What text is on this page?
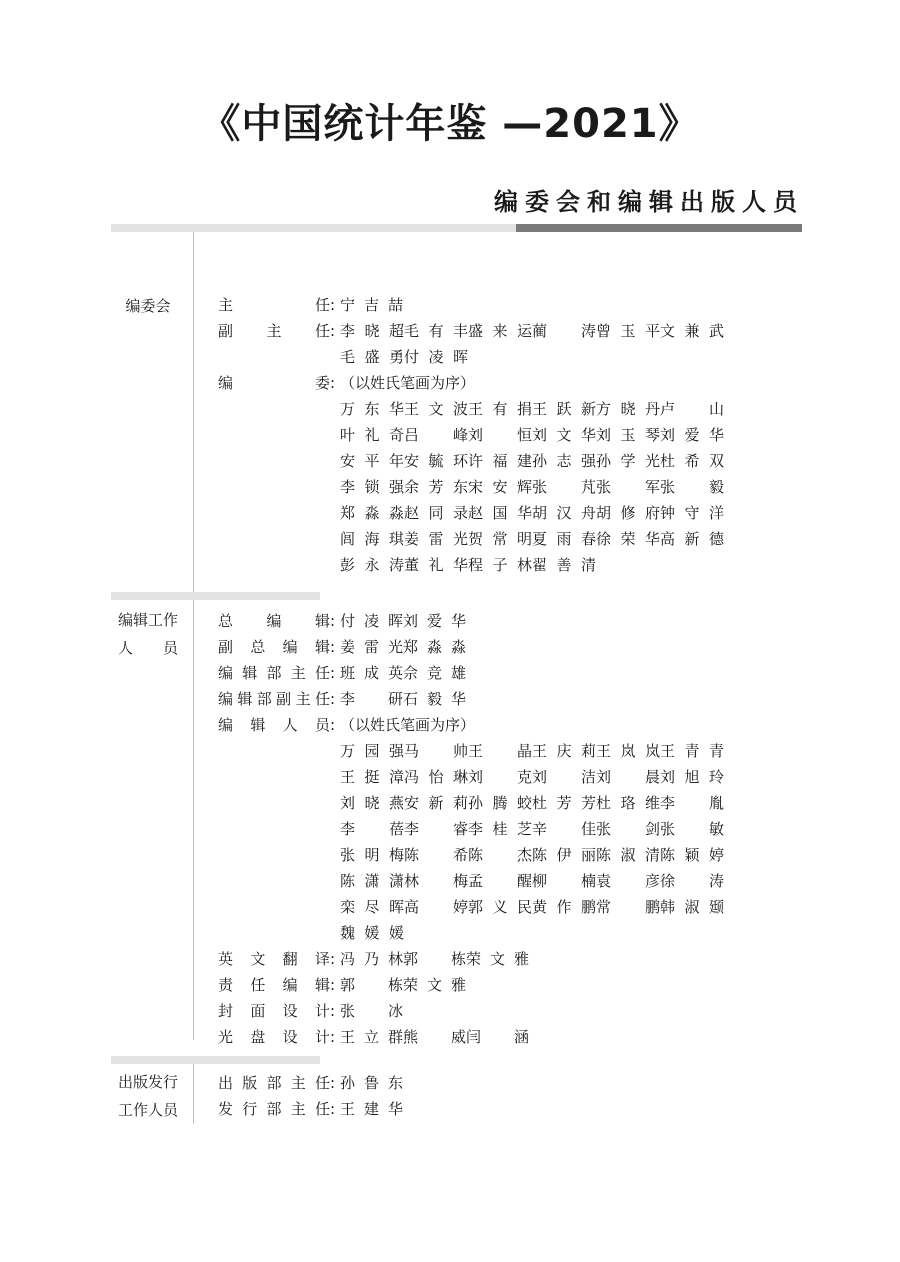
《中国统计年鉴 —2021》
编委会和编辑出版人员
编委会	主	任 : 宁吉喆
副 主 任 : 李晓超毛有丰盛来运蔺涛曾玉平文兼武
毛盛勇付凌晖
编	委 : （以姓氏笔画为序）
万东华王文波王有捐王跃新方晓丹卢山
叶礼奇吕峰刘恒刘文华刘玉琴刘爱华
安平年安毓环许福建孙志强孙学光杜希双
李锁强余芳东宋安辉张芃张军张毅
郑淼淼赵同录赵国华胡汉舟胡修府钟守洋
闾海琪姜雷光贺常明夏雨春徐荣华高新德
彭永涛董礼华程子林翟善清
编辑工作
人 员
总 编 辑 : 付凌晖刘爱华
副 总 编 辑 : 姜雷光郑淼淼
编 辑 部 主 任 : 班成英佘竞雄
编 辑 部 副 主 任 : 李研石毅华
编 辑 人 员 : （以姓氏笔画为序）
万园强马帅王晶王庆莉王岚岚王青青
王挺漳冯怡琳刘克刘洁刘晨刘旭玲
刘晓燕安新莉孙腾蛟杜芳芳杜珞维李胤
李蓓李睿李桂芝辛佳张剑张敏
张明梅陈希陈杰陈伊丽陈淑清陈颖婷
陈潇潇林梅孟醒柳楠袁彦徐涛
栾尽晖高婷郭义民黄作鹏常鹏韩淑颋
魏媛媛
英 文 翻 译 : 冯乃林郭栋荣文雅
责 任 编 辑 : 郭栋荣文雅
封 面 设 计 : 张冰
光 盘 设 计 : 王立群熊威闫涵
出版发行
工作人员
出 版 部 主 任 : 孙鲁东
发 行 部 主 任 : 王建华
